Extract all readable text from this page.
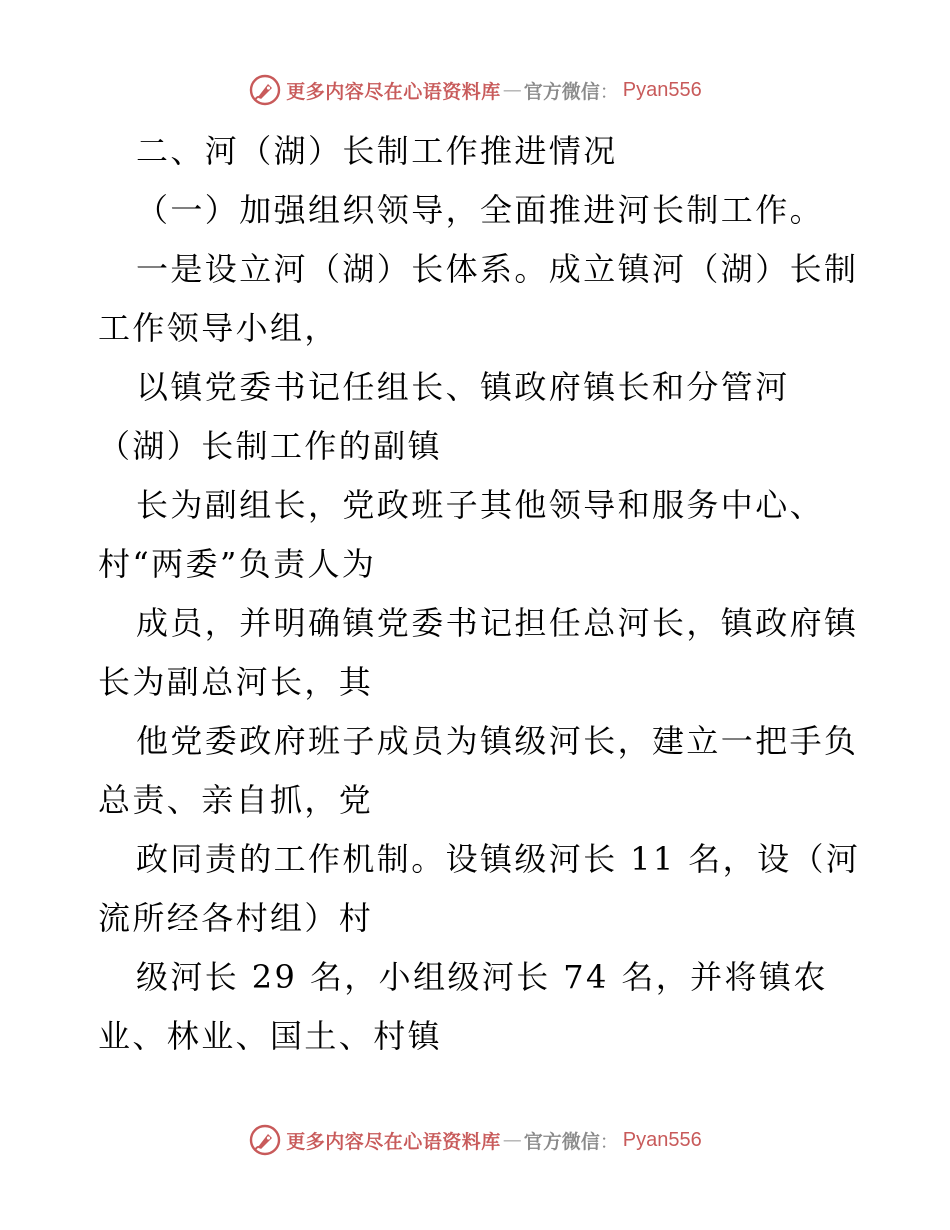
更多内容尽在心语资料库 — 官方微信 ： Pyan556
二、河（湖）长制工作推进情况
（一）加强组织领导，全面推进河长制工作。
一是设立河（湖）长体系。成立镇河（湖）长制
工作领导小组，
以镇党委书记任组长、镇政府镇长和分管河
（湖）长制工作的副镇
长为副组长，党政班子其他领导和服务中心、
村“两委”负责人为
成员，并明确镇党委书记担任总河长，镇政府镇
长为副总河长，其
他党委政府班子成员为镇级河长，建立一把手负
总责、亲自抓，党
政同责的工作机制。设镇级河长 11 名，设（河
流所经各村组）村
级河长 29 名，小组级河长 74 名，并将镇农
业、林业、国土、村镇
更多内容尽在心语资料库 — 官方微信 ： Pyan556
